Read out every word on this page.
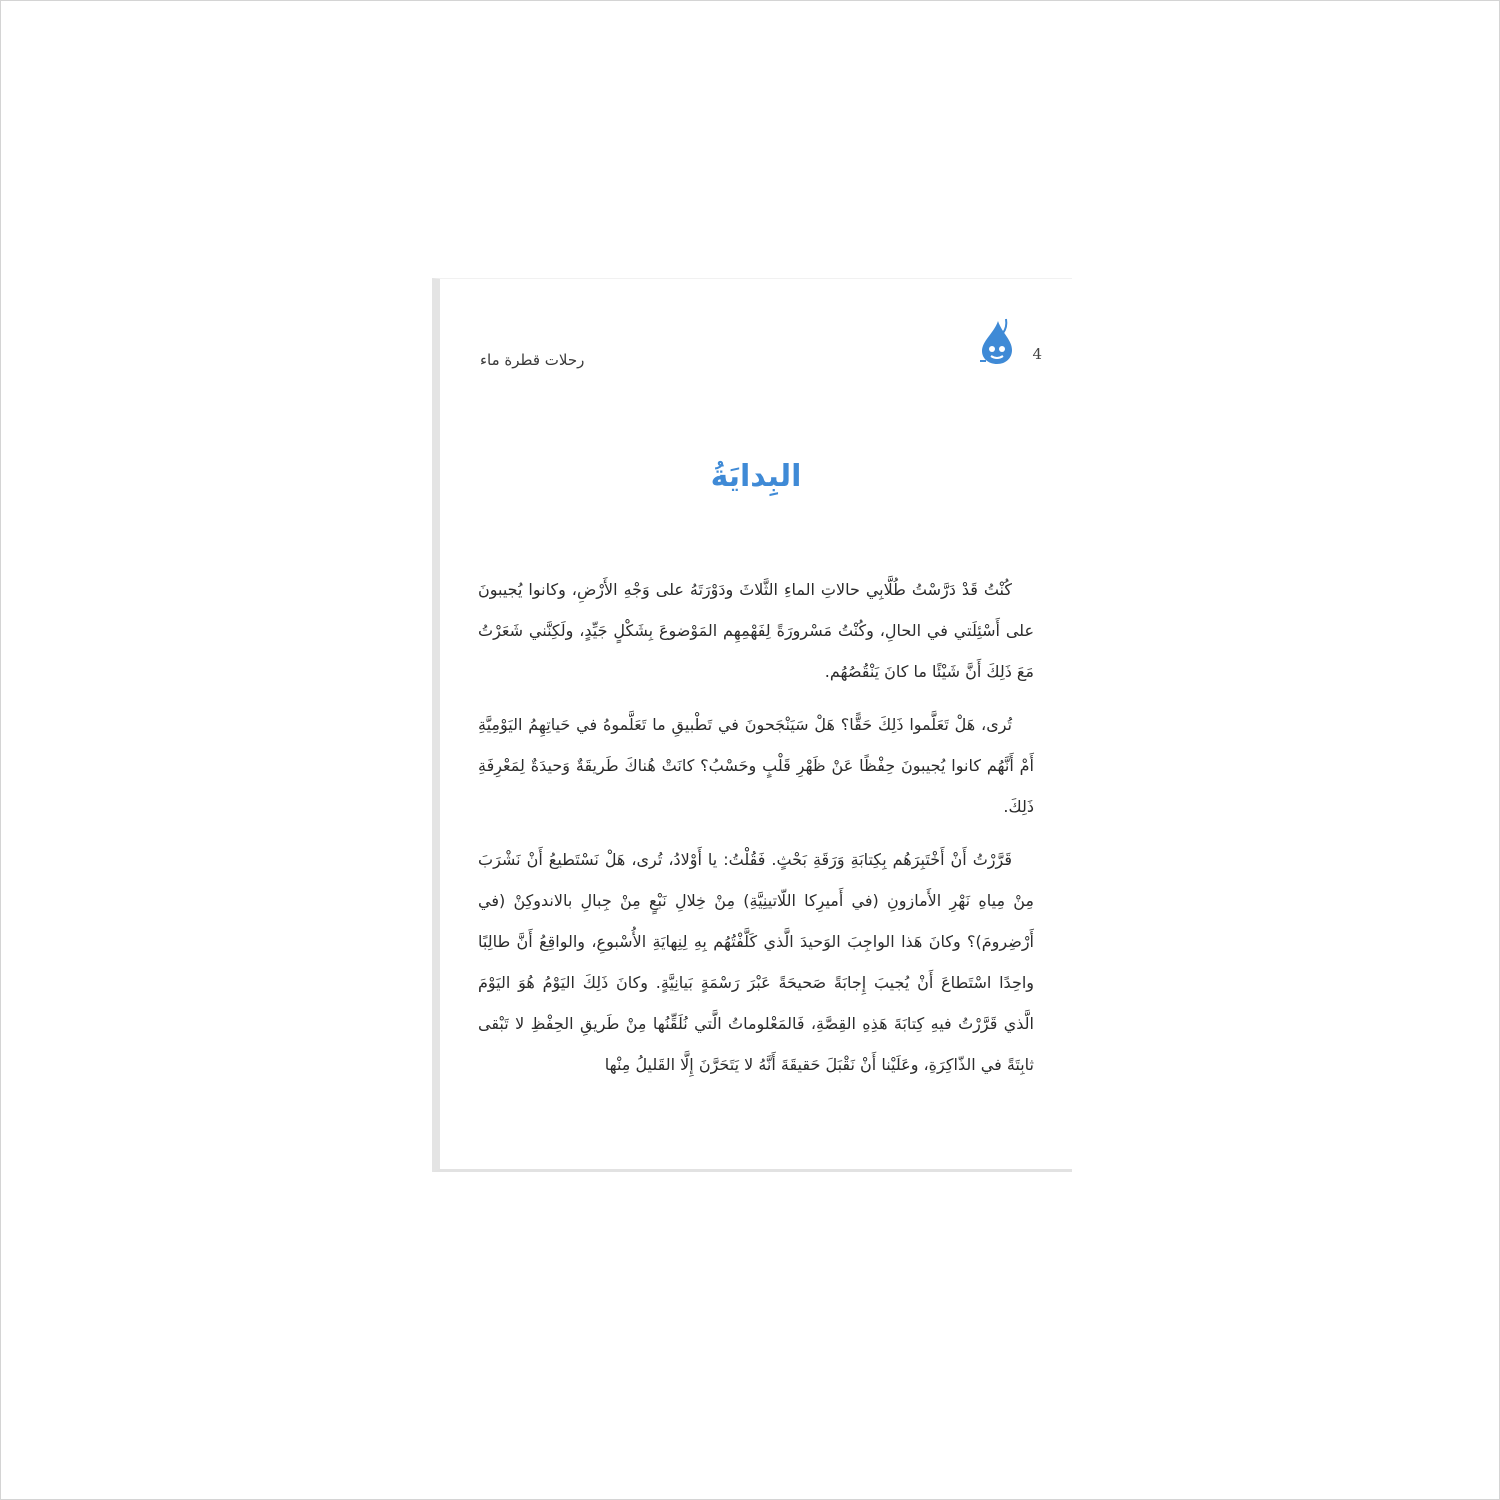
رحلات قطرة ماء	4
البِدايَةُ

كُنْتُ قَدْ دَرَّسْتُ طُلَّابِي حالاتِ الماءِ الثَّلاثَ ودَوْرَتَهُ على وَجْهِ الأَرْضِ، وكانوا يُجيبونَ على أَسْئِلَتي في الحالِ، وكُنْتُ مَسْرورَةً لِفَهْمِهِم المَوْضوعَ بِشَكْلٍ جَيِّدٍ، ولَكِنَّني شَعَرْتُ مَعَ ذَلِكَ أَنَّ شَيْئًا ما كانَ يَنْقُصُهُم.

تُرى، هَلْ تَعَلَّموا ذَلِكَ حَقًّا؟ هَلْ سَيَنْجَحونَ في تَطْبيقِ ما تَعَلَّموهُ في حَياتِهِمُ اليَوْمِيَّةِ أَمْ أَنَّهُم كانوا يُجيبونَ حِفْظًا عَنْ ظَهْرِ قَلْبٍ وحَسْبُ؟ كانَتْ هُناكَ طَريقَةٌ وَحيدَةٌ لِمَعْرِفَةِ ذَلِكَ.

قَرَّرْتُ أَنْ أَخْتَبِرَهُم بِكِتابَةِ وَرَقَةِ بَحْثٍ. فَقُلْتُ: يا أَوْلادُ، تُرى، هَلْ نَسْتَطيعُ أَنْ نَشْرَبَ مِنْ مِياهِ نَهْرِ الأَمازونِ (في أَميرِكا اللّاتينِيَّةِ) مِنْ خِلالِ نَبْعٍ مِنْ جِبالِ بالاندوكِنْ (في أَرْضِرومَ)؟ وكانَ هَذا الواجِبَ الوَحيدَ الَّذي كَلَّفْتُهُم بِهِ لِنِهايَةِ الأُسْبوعِ، والواقِعُ أَنَّ طالِبًا واحِدًا اسْتَطاعَ أَنْ يُجيبَ إِجابَةً صَحيحَةً عَبْرَ رَسْمَةٍ بَيانِيَّةٍ. وكانَ ذَلِكَ اليَوْمُ هُوَ اليَوْمَ الَّذي قَرَّرْتُ فيهِ كِتابَةَ هَذِهِ القِصَّةِ، فَالمَعْلوماتُ الَّتي نُلَقِّنُها مِنْ طَريقِ الحِفْظِ لا تَبْقى ثابِتَةً في الذّاكِرَةِ، وعَلَيْنا أَنْ نَقْبَلَ حَقيقَةَ أَنَّهُ لا يَتَحَرَّنَ إِلَّا القَليلُ مِنْها
